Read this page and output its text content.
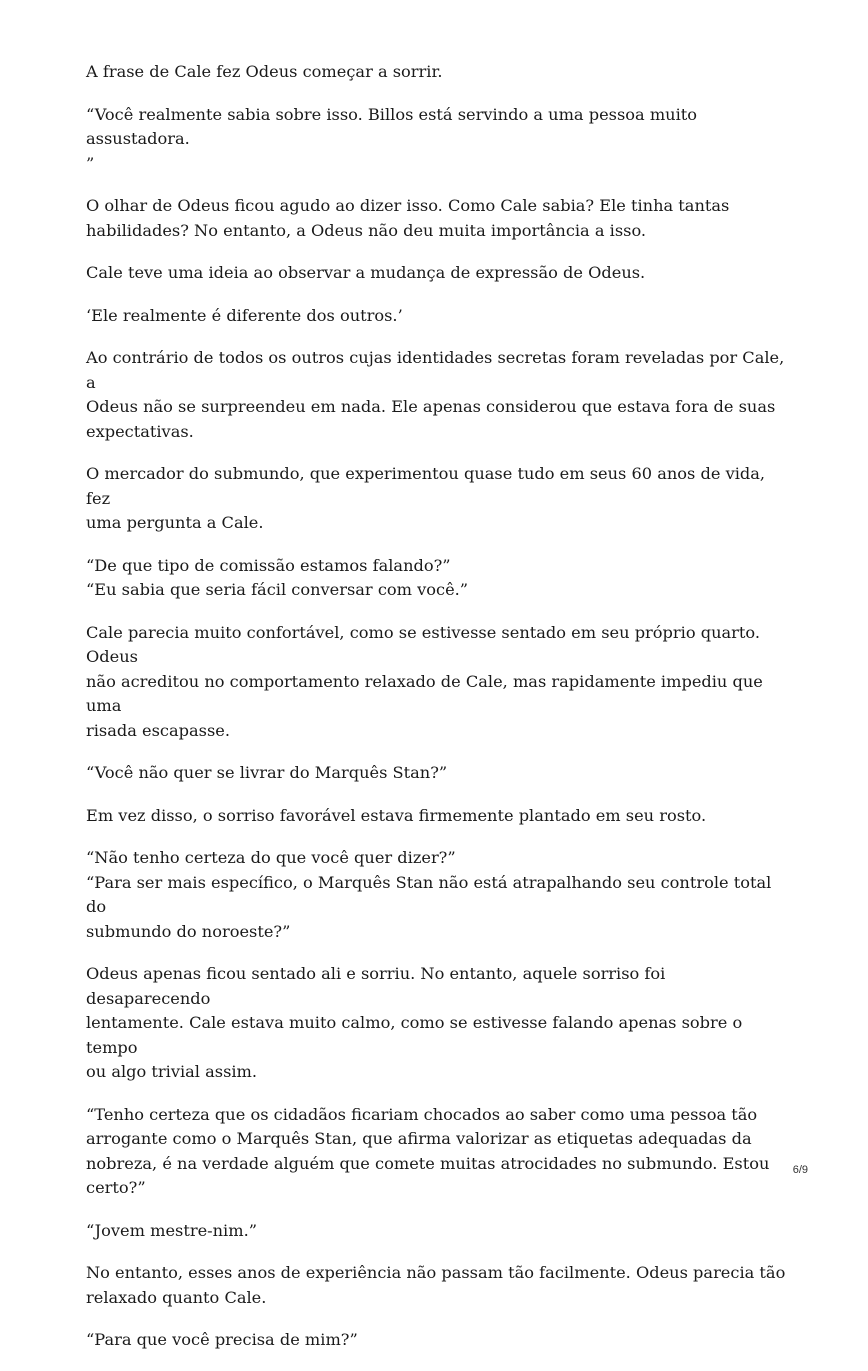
A frase de Cale fez Odeus começar a sorrir.

“Você realmente sabia sobre isso. Billos está servindo a uma pessoa muito assustadora.
”

O olhar de Odeus ficou agudo ao dizer isso. Como Cale sabia? Ele tinha tantas
habilidades? No entanto, a Odeus não deu muita importância a isso.

Cale teve uma ideia ao observar a mudança de expressão de Odeus.

‘Ele realmente é diferente dos outros.’

Ao contrário de todos os outros cujas identidades secretas foram reveladas por Cale, a
Odeus não se surpreendeu em nada. Ele apenas considerou que estava fora de suas
expectativas.

O mercador do submundo, que experimentou quase tudo em seus 60 anos de vida, fez
uma pergunta a Cale.

“De que tipo de comissão estamos falando?”
“Eu sabia que seria fácil conversar com você.”

Cale parecia muito confortável, como se estivesse sentado em seu próprio quarto. Odeus
não acreditou no comportamento relaxado de Cale, mas rapidamente impediu que uma
risada escapasse.

“Você não quer se livrar do Marquês Stan?”

Em vez disso, o sorriso favorável estava firmemente plantado em seu rosto.

“Não tenho certeza do que você quer dizer?”
“Para ser mais específico, o Marquês Stan não está atrapalhando seu controle total do
submundo do noroeste?”

Odeus apenas ficou sentado ali e sorriu. No entanto, aquele sorriso foi desaparecendo
lentamente. Cale estava muito calmo, como se estivesse falando apenas sobre o tempo
ou algo trivial assim.

“Tenho certeza que os cidadãos ficariam chocados ao saber como uma pessoa tão
arrogante como o Marquês Stan, que afirma valorizar as etiquetas adequadas da
nobreza, é na verdade alguém que comete muitas atrocidades no submundo. Estou
certo?”

“Jovem mestre-nim.”

No entanto, esses anos de experiência não passam tão facilmente. Odeus parecia tão
relaxado quanto Cale.

“Para que você precisa de mim?”

6/9
